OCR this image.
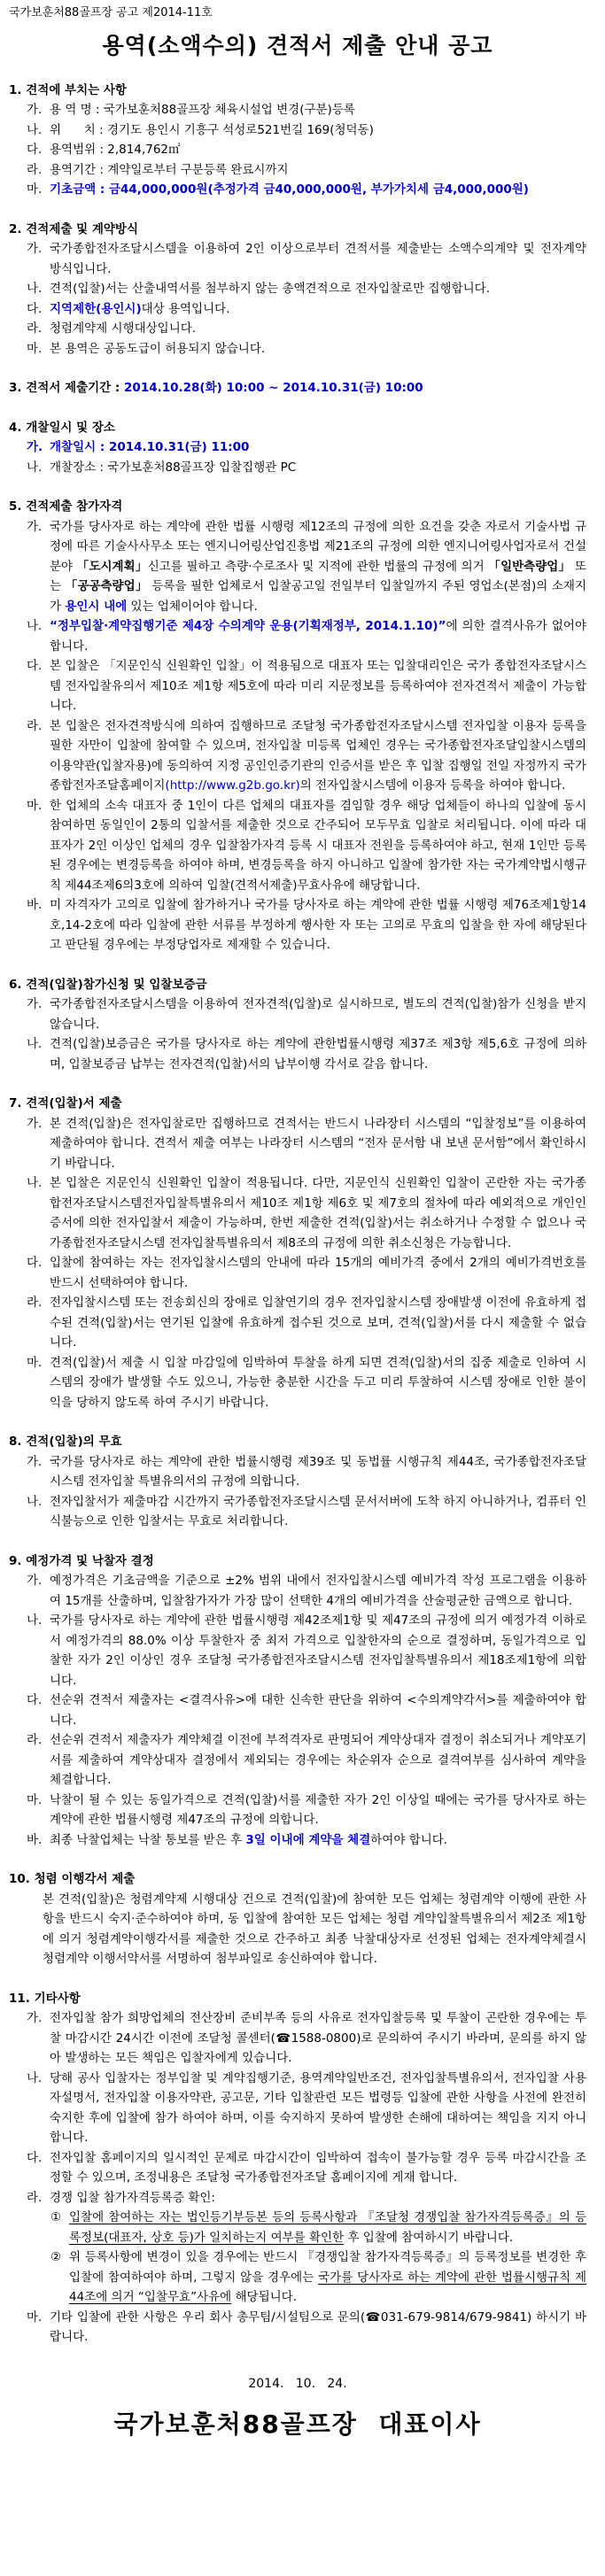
국가보훈처88골프장 공고 제2014-11호
용역(소액수의) 견적서 제출 안내 공고
1. 견적에 부치는 사항
가. 용 역 명 : 국가보훈처88골프장 체육시설업 변경(구분)등록
나. 위      치 : 경기도 용인시 기흥구 석성로521번길 169(청덕동)
다. 용역범위 : 2,814,762㎡
라. 용역기간 : 계약일로부터 구분등록 완료시까지
마. 기초금액 : 금44,000,000원(추정가격 금40,000,000원, 부가가치세 금4,000,000원)
2. 견적제출 및 계약방식
가. 국가종합전자조달시스템을 이용하여 2인 이상으로부터 견적서를 제출받는 소액수의계약 및 전자계약 방식입니다.
나. 견적(입찰)서는 산출내역서를 첨부하지 않는 총액견적으로 전자입찰로만 집행합니다.
다. 지역제한(용인시)대상 용역입니다.
라. 청렴계약제 시행대상입니다.
마. 본 용역은 공동도급이 허용되지 않습니다.
3. 견적서 제출기간 : 2014.10.28(화) 10:00 ~ 2014.10.31(금) 10:00
4. 개찰일시 및 장소
가. 개찰일시 : 2014.10.31(금) 11:00
나. 개찰장소 : 국가보훈처88골프장 입찰집행관 PC
5. 견적제출 참가자격
가. 국가를 당사자로 하는 계약에 관한 법률 시행령 제12조의 규정에 의한 요건을 갖춘 자로서 기술사법 규정에 따른 기술사사무소 또는 엔지니어링산업진흥법 제21조의 규정에 의한 엔지니어링사업자로서 건설분야 「도시계획」신고를 필하고 측량·수로조사 및 지적에 관한 법률의 규정에 의거 「일반측량업」 또는 「공공측량업」 등록을 필한 업체로서 입찰공고일 전일부터 입찰일까지 주된 영업소(본점)의 소재지가 용인시 내에 있는 업체이어야 합니다.
나. “정부입찰·계약집행기준 제4장 수의계약 운용(기획재정부, 2014.1.10)”에 의한 결격사유가 없어야 합니다.
다. 본 입찰은 「지문인식 신원확인 입찰」이 적용됨으로 대표자 또는 입찰대리인은 국가 종합전자조달시스템 전자입찰유의서 제10조 제1항 제5호에 따라 미리 지문정보를 등록하여야 전자견적서 제출이 가능합니다.
라. 본 입찰은 전자견적방식에 의하여 집행하므로 조달청 국가종합전자조달시스템 전자입찰 이용자 등록을 필한 자만이 입찰에 참여할 수 있으며, 전자입찰 미등록 업체인 경우는 국가종합전자조달입찰시스템의 이용약관(입찰자용)에 동의하여 지정 공인인증기관의 인증서를 받은 후 입찰 집행일 전일 자정까지 국가종합전자조달홈페이지(http://www.g2b.go.kr)의 전자입찰시스템에 이용자 등록을 하여야 합니다.
마. 한 업체의 소속 대표자 중 1인이 다른 업체의 대표자를 겸임할 경우 해당 업체들이 하나의 입찰에 동시 참여하면 동일인이 2통의 입찰서를 제출한 것으로 간주되어 모두무효 입찰로 처리됩니다. 이에 따라 대표자가 2인 이상인 업체의 경우 입찰참가자격 등록 시 대표자 전원을 등록하여야 하고, 현재 1인만 등록된 경우에는 변경등록을 하여야 하며, 변경등록을 하지 아니하고 입찰에 참가한 자는 국가계약법시행규칙 제44조제6의3호에 의하여 입찰(견적서제출)무효사유에 해당합니다.
바. 미 자격자가 고의로 입찰에 참가하거나 국가를 당사자로 하는 계약에 관한 법률 시행령 제76조제1항14호,14-2호에 따라 입찰에 관한 서류를 부정하게 행사한 자 또는 고의로 무효의 입찰을 한 자에 해당된다고 판단될 경우에는 부정당업자로 제재할 수 있습니다.
6. 견적(입찰)참가신청 및 입찰보증금
가. 국가종합전자조달시스템을 이용하여 전자견적(입찰)로 실시하므로, 별도의 견적(입찰)참가 신청을 받지 않습니다.
나. 견적(입찰)보증금은 국가를 당사자로 하는 계약에 관한법률시행령 제37조 제3항 제5,6호 규정에 의하며, 입찰보증금 납부는 전자견적(입찰)서의 납부이행 각서로 갈음 합니다.
7. 견적(입찰)서 제출
가. 본 견적(입찰)은 전자입찰로만 집행하므로 견적서는 반드시 나라장터 시스템의 “입찰정보”를 이용하여 제출하여야 합니다. 견적서 제출 여부는 나라장터 시스템의 “전자 문서함 내 보낸 문서함”에서 확인하시기 바랍니다.
나. 본 입찰은 지문인식 신원확인 입찰이 적용됩니다. 다만, 지문인식 신원확인 입찰이 곤란한 자는 국가종합전자조달시스템전자입찰특별유의서 제10조 제1항 제6호 및 제7호의 절차에 따라 예외적으로 개인인증서에 의한 전자입찰서 제출이 가능하며, 한번 제출한 견적(입찰)서는 취소하거나 수정할 수 없으나 국가종합전자조달시스템 전자입찰특별유의서 제8조의 규정에 의한 취소신청은 가능합니다.
다. 입찰에 참여하는 자는 전자입찰시스템의 안내에 따라 15개의 예비가격 중에서 2개의 예비가격번호를 반드시 선택하여야 합니다.
라. 전자입찰시스템 또는 전송회신의 장애로 입찰연기의 경우 전자입찰시스템 장애발생 이전에 유효하게 접수된 견적(입찰)서는 연기된 입찰에 유효하게 접수된 것으로 보며, 견적(입찰)서를 다시 제출할 수 없습니다.
마. 견적(입찰)서 제출 시 입찰 마감일에 임박하여 투찰을 하게 되면 견적(입찰)서의 집중 제출로 인하여 시스템의 장애가 발생할 수도 있으니, 가능한 충분한 시간을 두고 미리 투찰하여 시스템 장애로 인한 불이익을 당하지 않도록 하여 주시기 바랍니다.
8. 견적(입찰)의 무효
가. 국가를 당사자로 하는 계약에 관한 법률시행령 제39조 및 동법률 시행규칙 제44조, 국가종합전자조달시스템 전자입찰 특별유의서의 규정에 의합니다.
나. 전자입찰서가 제출마감 시간까지 국가종합전자조달시스템 문서서버에 도착 하지 아니하거나, 컴퓨터 인식불능으로 인한 입찰서는 무효로 처리합니다.
9. 예정가격 및 낙찰자 결정
가. 예정가격은 기초금액을 기준으로 ±2% 범위 내에서 전자입찰시스템 예비가격 작성 프로그램을 이용하여 15개를 산출하며, 입찰참가자가 가장 많이 선택한 4개의 예비가격을 산술평균한 금액으로 합니다.
나. 국가를 당사자로 하는 계약에 관한 법률시행령 제42조제1항 및 제47조의 규정에 의거 예정가격 이하로서 예정가격의 88.0% 이상 투찰한자 중 최저 가격으로 입찰한자의 순으로 결정하며, 동일가격으로 입찰한 자가 2인 이상인 경우 조달청 국가종합전자조달시스템 전자입찰특별유의서 제18조제1항에 의합니다.
다. 선순위 견적서 제출자는 <결격사유>에 대한 신속한 판단을 위하여 <수의계약각서>를 제출하여야 합니다.
라. 선순위 견적서 제출자가 계약체결 이전에 부적격자로 판명되어 계약상대자 결정이 취소되거나 계약포기서를 제출하여 계약상대자 결정에서 제외되는 경우에는 차순위자 순으로 결격여부를 심사하여 계약을 체결합니다.
마. 낙찰이 될 수 있는 동일가격으로 견적(입찰)서를 제출한 자가 2인 이상일 때에는 국가를 당사자로 하는 계약에 관한 법률시행령 제47조의 규정에 의합니다.
바. 최종 낙찰업체는 낙찰 통보를 받은 후 3일 이내에 계약을 체결하여야 합니다.
10. 청렴 이행각서 제출
본 견적(입찰)은 청렴계약제 시행대상 건으로 견적(입찰)에 참여한 모든 업체는 청렴계약 이행에 관한 사항을 반드시 숙지·준수하여야 하며, 동 입찰에 참여한 모든 업체는 청렴 계약입찰특별유의서 제2조 제1항에 의거 청렴계약이행각서를 제출한 것으로 간주하고 최종 낙찰대상자로 선정된 업체는 전자계약체결시 청렴계약 이행서약서를 서명하여 첨부파일로 송신하여야 합니다.
11. 기타사항
가. 전자입찰 참가 희망업체의 전산장비 준비부족 등의 사유로 전자입찰등록 및 투찰이 곤란한 경우에는 투찰 마감시간 24시간 이전에 조달청 콜센터(☎1588-0800)로 문의하여 주시기 바라며, 문의를 하지 않아 발생하는 모든 책임은 입찰자에게 있습니다.
나. 당해 공사 입찰자는 정부입찰 및 계약집행기준, 용역계약일반조건, 전자입찰특별유의서, 전자입찰 사용자설명서, 전자입찰 이용자약관, 공고문, 기타 입찰관련 모든 법령등 입찰에 관한 사항을 사전에 완전히 숙지한 후에 입찰에 참가 하여야 하며, 이를 숙지하지 못하여 발생한 손해에 대하여는 책임을 지지 아니합니다.
다. 전자입찰 홈페이지의 일시적인 문제로 마감시간이 임박하여 접속이 불가능할 경우 등록 마감시간을 조정할 수 있으며, 조정내용은 조달청 국가종합전자조달 홈페이지에 게재 합니다.
라. 경쟁 입찰 참가자격등록증 확인:
① 입찰에 참여하는 자는 법인등기부등본 등의 등록사항과 『조달청 경쟁입찰 참가자격등록증』의 등록정보(대표자, 상호 등)가 일치하는지 여부를 확인한 후 입찰에 참여하시기 바랍니다.
② 위 등록사항에 변경이 있을 경우에는 반드시 『경쟁입찰 참가자격등록증』의 등록정보를 변경한 후 입찰에 참여하여야 하며, 그렇지 않을 경우에는 국가를 당사자로 하는 계약에 관한 법률시행규칙 제44조에 의거 “입찰무효”사유에 해당됩니다.
마. 기타 입찰에 관한 사항은 우리 회사 총무팀/시설팀으로 문의(☎031-679-9814/679-9841) 하시기 바랍니다.
2014.   10.   24.
국가보훈처88골프장  대표이사
